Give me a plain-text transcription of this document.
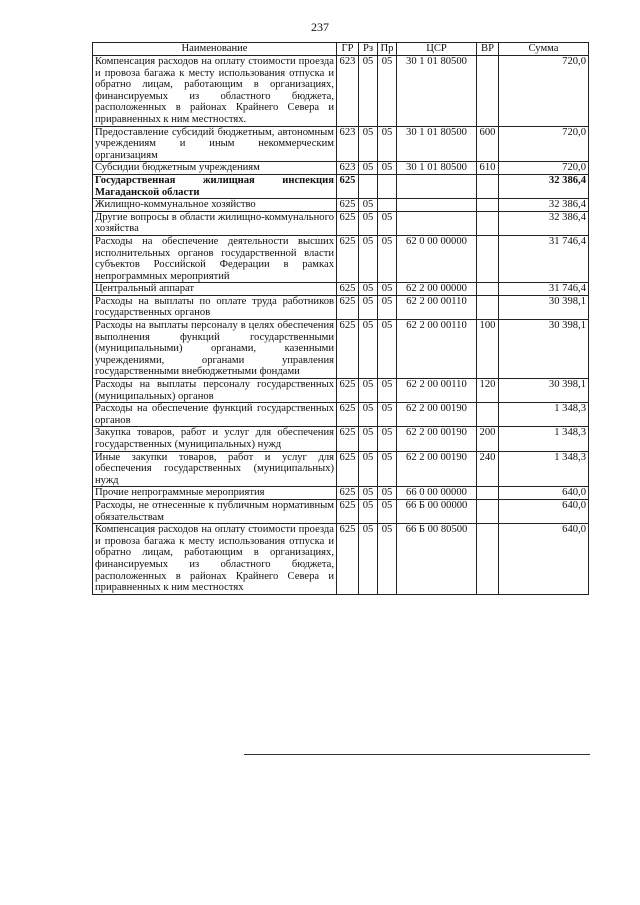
237
Наименование	ГР	Рз	Пр	ЦСР	ВР	Сумма
Компенсация расходов на оплату стоимости проезда и провоза багажа к месту использования отпуска и обратно лицам, работающим в организациях, финансируемых из областного бюджета, расположенных в районах Крайнего Севера и приравненных к ним местностях.	623	05	05	30 1 01 80500		720,0
Предоставление субсидий бюджетным, автономным учреждениям и иным некоммерческим организациям	623	05	05	30 1 01 80500	600	720,0
Субсидии бюджетным учреждениям	623	05	05	30 1 01 80500	610	720,0
Государственная жилищная инспекция Магаданской области	625					32 386,4
Жилищно-коммунальное хозяйство	625	05				32 386,4
Другие вопросы в области жилищно-коммунального хозяйства	625	05	05			32 386,4
Расходы на обеспечение деятельности высших исполнительных органов государственной власти субъектов Российской Федерации в рамках непрограммных мероприятий	625	05	05	62 0 00 00000		31 746,4
Центральный аппарат	625	05	05	62 2 00 00000		31 746,4
Расходы на выплаты по оплате труда работников государственных органов	625	05	05	62 2 00 00110		30 398,1
Расходы на выплаты персоналу в целях обеспечения выполнения функций государственными (муниципальными) органами, казенными учреждениями, органами управления государственными внебюджетными фондами	625	05	05	62 2 00 00110	100	30 398,1
Расходы на выплаты персоналу государственных (муниципальных) органов	625	05	05	62 2 00 00110	120	30 398,1
Расходы на обеспечение функций государственных органов	625	05	05	62 2 00 00190		1 348,3
Закупка товаров, работ и услуг для обеспечения государственных (муниципальных) нужд	625	05	05	62 2 00 00190	200	1 348,3
Иные закупки товаров, работ и услуг для обеспечения государственных (муниципальных) нужд	625	05	05	62 2 00 00190	240	1 348,3
Прочие непрограммные мероприятия	625	05	05	66 0 00 00000		640,0
Расходы, не отнесенные к публичным нормативным обязательствам	625	05	05	66 Б 00 00000		640,0
Компенсация расходов на оплату стоимости проезда и провоза багажа к месту использования отпуска и обратно лицам, работающим в организациях, финансируемых из областного бюджета, расположенных в районах Крайнего Севера и приравненных к ним местностях	625	05	05	66 Б 00 80500		640,0
